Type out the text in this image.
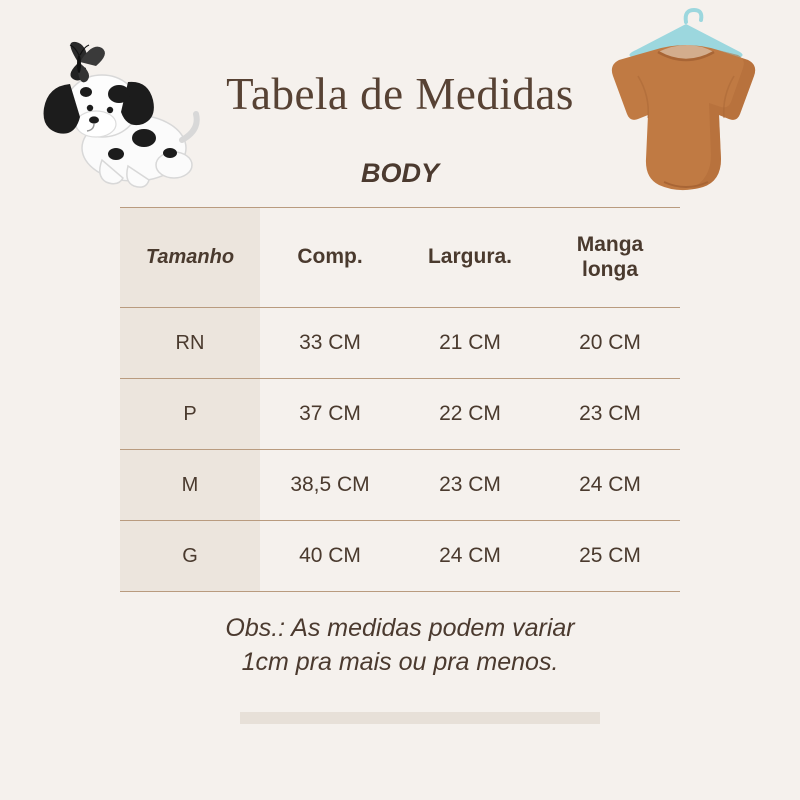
Tabela de Medidas
BODY
Tamanho	Comp.	Largura.	Manga longa
RN	33 CM	21 CM	20 CM
P	37 CM	22 CM	23 CM
M	38,5 CM	23 CM	24 CM
G	40 CM	24 CM	25 CM
Obs.: As medidas podem variar
1cm pra mais ou pra menos.
